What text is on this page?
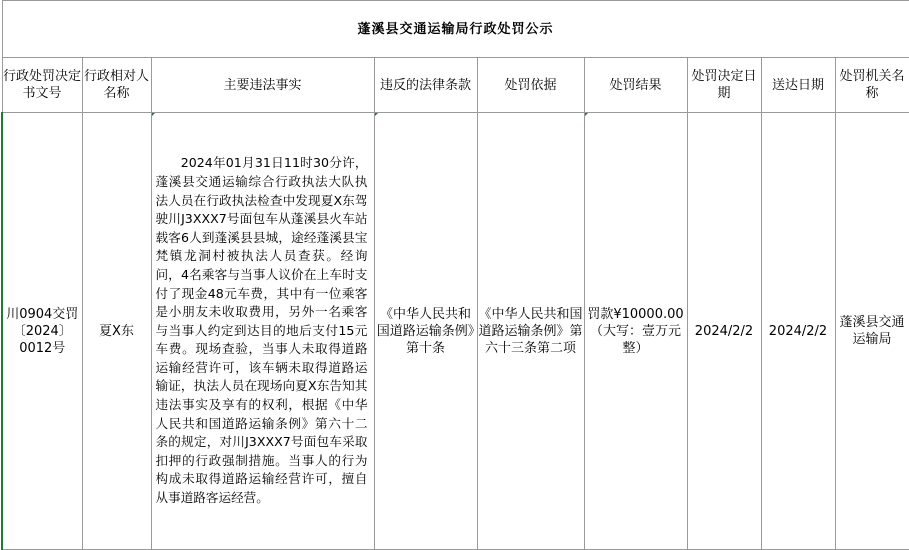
蓬溪县交通运输局行政处罚公示								
行政处罚决定书文号	行政相对人名称	主要违法事实	违反的法律条款	处罚依据	处罚结果	处罚决定日期	送达日期	处罚机关名称
川0904交罚〔2024〕0012号	夏X东	2024年01月31日11时30分许，蓬溪县交通运输综合行政执法大队执法人员在行政执法检查中发现夏X东驾驶川J3XXX7号面包车从蓬溪县火车站载客6人到蓬溪县县城，途经蓬溪县宝梵镇龙洞村被执法人员查获。经询问，4名乘客与当事人议价在上车时支付了现金48元车费，其中有一位乘客是小朋友未收取费用，另外一名乘客与当事人约定到达目的地后支付15元车费。现场查验，当事人未取得道路运输经营许可，该车辆未取得道路运输证，执法人员在现场向夏X东告知其违法事实及享有的权利，根据《中华人民共和国道路运输条例》第六十二条的规定，对川J3XXX7号面包车采取扣押的行政强制措施。当事人的行为构成未取得道路运输经营许可，擅自从事道路客运经营。	《中华人民共和国道路运输条例》第十条	《中华人民共和国道路运输条例》第六十三条第二项	罚款¥10000.00（大写：壹万元整）	2024/2/2	2024/2/2	蓬溪县交通运输局
